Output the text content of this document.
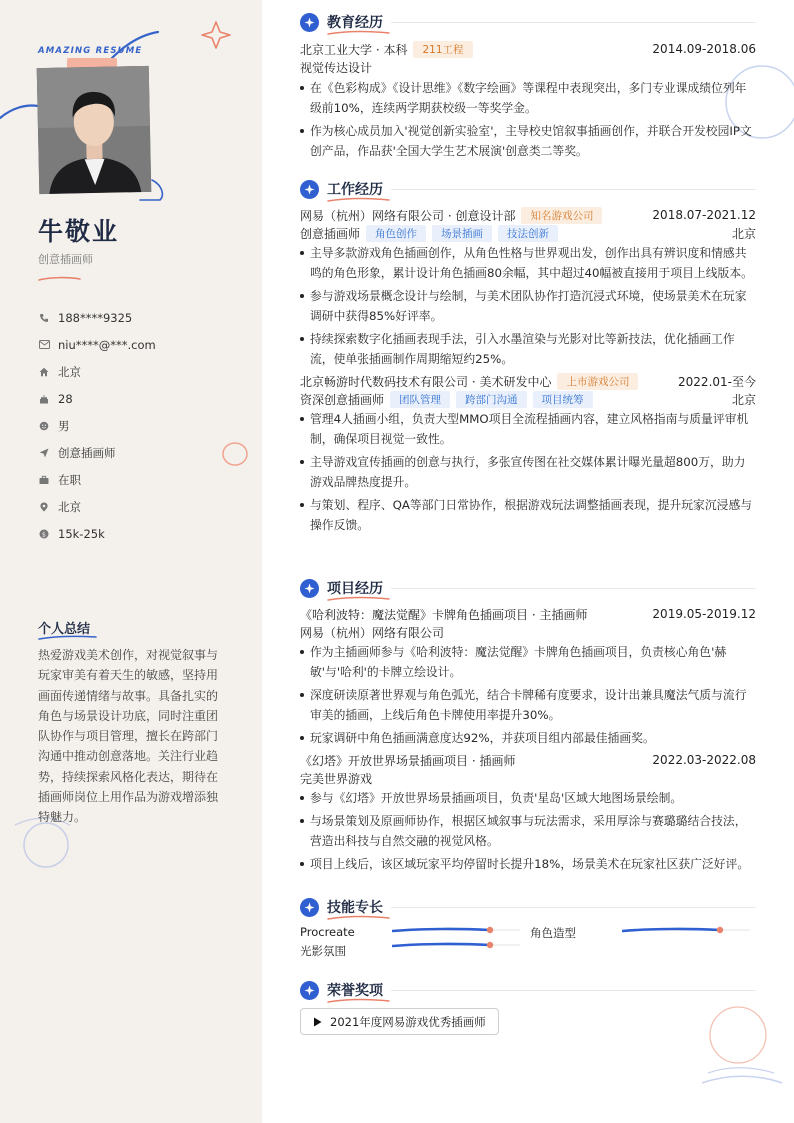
AMAZING RESUME
牛敬业
创意插画师
188****9325
niu****@***.com
北京
28
男
创意插画师
在职
北京
$ 15k-25k
个人总结
热爱游戏美术创作，对视觉叙事与玩家审美有着天生的敏感，坚持用画面传递情绪与故事。具备扎实的角色与场景设计功底，同时注重团队协作与项目管理，擅长在跨部门沟通中推动创意落地。关注行业趋势，持续探索风格化表达，期待在插画师岗位上用作品为游戏增添独特魅力。
教育经历
北京工业大学 · 本科	211工程	2014.09-2018.06
视觉传达设计
在《色彩构成》《设计思维》《数字绘画》等课程中表现突出，多门专业课成绩位列年级前10%，连续两学期获校级一等奖学金。
作为核心成员加入'视觉创新实验室'，主导校史馆叙事插画创作，并联合开发校园IP文创产品，作品获'全国大学生艺术展演'创意类二等奖。
工作经历
网易（杭州）网络有限公司 · 创意设计部	知名游戏公司	2018.07-2021.12
创意插画师	角色创作	场景插画	技法创新	北京
主导多款游戏角色插画创作，从角色性格与世界观出发，创作出具有辨识度和情感共鸣的角色形象，累计设计角色插画80余幅，其中超过40幅被直接用于项目上线版本。
参与游戏场景概念设计与绘制，与美术团队协作打造沉浸式环境，使场景美术在玩家调研中获得85%好评率。
持续探索数字化插画表现手法，引入水墨渲染与光影对比等新技法，优化插画工作流，使单张插画制作周期缩短约25%。
北京畅游时代数码技术有限公司 · 美术研发中心	上市游戏公司	2022.01-至今
资深创意插画师	团队管理	跨部门沟通	项目统筹	北京
管理4人插画小组，负责大型MMO项目全流程插画内容，建立风格指南与质量评审机制，确保项目视觉一致性。
主导游戏宣传插画的创意与执行，多张宣传图在社交媒体累计曝光量超800万，助力游戏品牌热度提升。
与策划、程序、QA等部门日常协作，根据游戏玩法调整插画表现，提升玩家沉浸感与操作反馈。
项目经历
《哈利波特：魔法觉醒》卡牌角色插画项目 · 主插画师	2019.05-2019.12
网易（杭州）网络有限公司
作为主插画师参与《哈利波特：魔法觉醒》卡牌角色插画项目，负责核心角色'赫敏'与'哈利'的卡牌立绘设计。
深度研读原著世界观与角色弧光，结合卡牌稀有度要求，设计出兼具魔法气质与流行审美的插画，上线后角色卡牌使用率提升30%。
玩家调研中角色插画满意度达92%，并获项目组内部最佳插画奖。
《幻塔》开放世界场景插画项目 · 插画师	2022.03-2022.08
完美世界游戏
参与《幻塔》开放世界场景插画项目，负责'星岛'区域大地图场景绘制。
与场景策划及原画师协作，根据区域叙事与玩法需求，采用厚涂与赛璐璐结合技法，营造出科技与自然交融的视觉风格。
项目上线后，该区域玩家平均停留时长提升18%，场景美术在玩家社区获广泛好评。
技能专长
Procreate	角色造型
光影氛围
荣誉奖项
2021年度网易游戏优秀插画师
